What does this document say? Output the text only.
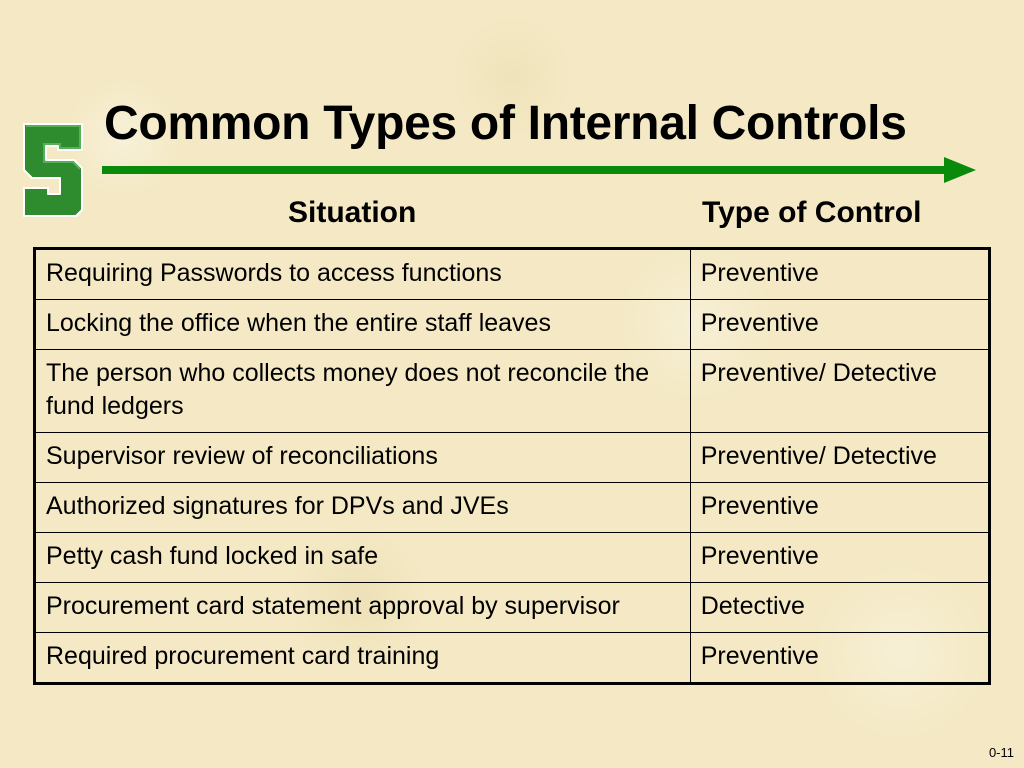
Common Types of Internal Controls
Situation	Type of Control
Requiring Passwords to access functions	Preventive
Locking the office when the entire staff leaves	Preventive
The person who collects money does not reconcile the fund ledgers	Preventive/ Detective
Supervisor review of reconciliations	Preventive/ Detective
Authorized signatures for DPVs and JVEs	Preventive
Petty cash fund locked in safe	Preventive
Procurement card statement approval by supervisor	Detective
Required procurement card training	Preventive
0-11
